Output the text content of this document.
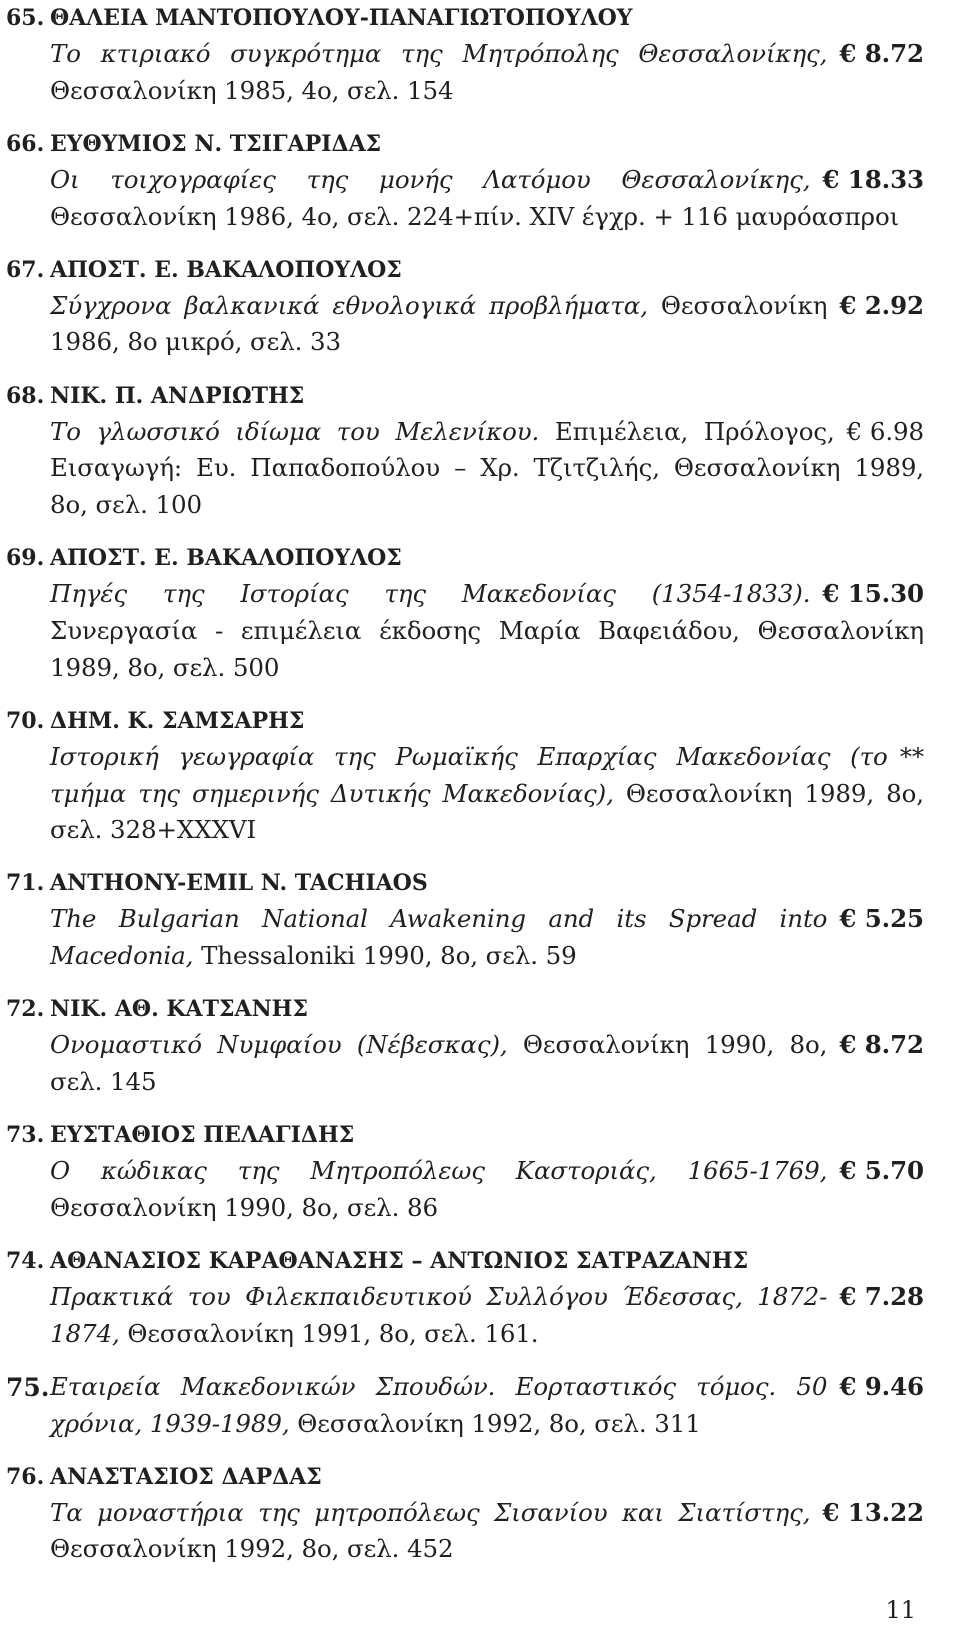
65. ΘΑΛΕΙΑ ΜΑΝΤΟΠΟΥΛΟΥ-ΠΑΝΑΓΙΩΤΟΠΟΥΛΟΥ
€ 8.72
Το κτιριακό συγκρότημα της Μητρόπολης Θεσσαλονίκης, Θεσσαλονίκη 1985, 4ο, σελ. 154
66. ΕΥΘΥΜΙΟΣ Ν. ΤΣΙΓΑΡΙΔΑΣ
€ 18.33
Οι τοιχογραφίες της μονής Λατόμου Θεσσαλονίκης, Θεσσαλονίκη 1986, 4ο, σελ. 224+πίν. XIV έγχρ. + 116 μαυρόασπροι
67. ΑΠΟΣΤ. Ε. ΒΑΚΑΛΟΠΟΥΛΟΣ
€ 2.92
Σύγχρονα βαλκανικά εθνολογικά προβλήματα, Θεσσαλονίκη 1986, 8ο μικρό, σελ. 33
68. ΝΙΚ. Π. ΑΝΔΡΙΩΤΗΣ
€ 6.98
Το γλωσσικό ιδίωμα του Μελενίκου. Επιμέλεια, Πρόλογος, Εισαγωγή: Ευ. Παπαδοπούλου – Χρ. Τζιτζιλής, Θεσσαλονίκη 1989, 8ο, σελ. 100
69. ΑΠΟΣΤ. Ε. ΒΑΚΑΛΟΠΟΥΛΟΣ
€ 15.30
Πηγές της Ιστορίας της Μακεδονίας (1354-1833). Συνεργασία - επιμέλεια έκδοσης Μαρία Βαφειάδου, Θεσσαλονίκη 1989, 8ο, σελ. 500
70. ΔΗΜ. Κ. ΣΑΜΣΑΡΗΣ
**
Ιστορική γεωγραφία της Ρωμαϊκής Επαρχίας Μακεδονίας (το τμήμα της σημερινής Δυτικής Μακεδονίας), Θεσσαλονίκη 1989, 8ο, σελ. 328+XXXVI
71. ANTHONY-EMIL N. TACHIAOS
€ 5.25
The Bulgarian National Awakening and its Spread into Macedonia, Thessaloniki 1990, 8ο, σελ. 59
72. ΝΙΚ. ΑΘ. ΚΑΤΣΑΝΗΣ
€ 8.72
Ονομαστικό Νυμφαίου (Νέβεσκας), Θεσσαλονίκη 1990, 8ο, σελ. 145
73. ΕΥΣΤΑΘΙΟΣ ΠΕΛΑΓΙΔΗΣ
€ 5.70
Ο κώδικας της Μητροπόλεως Καστοριάς, 1665-1769, Θεσσαλονίκη 1990, 8ο, σελ. 86
74. ΑΘΑΝΑΣΙΟΣ ΚΑΡΑΘΑΝΑΣΗΣ – ΑΝΤΩΝΙΟΣ ΣΑΤΡΑΖΑΝΗΣ
€ 7.28
Πρακτικά του Φιλεκπαιδευτικού Συλλόγου Έδεσσας, 1872-1874, Θεσσαλονίκη 1991, 8ο, σελ. 161.
75.	€ 9.46
Εταιρεία Μακεδονικών Σπουδών. Εορταστικός τόμος. 50 χρόνια, 1939-1989, Θεσσαλονίκη 1992, 8ο, σελ. 311
76. ΑΝΑΣΤΑΣΙΟΣ ΔΑΡΔΑΣ
€ 13.22
Τα μοναστήρια της μητροπόλεως Σισανίου και Σιατίστης, Θεσσαλονίκη 1992, 8ο, σελ. 452
11
